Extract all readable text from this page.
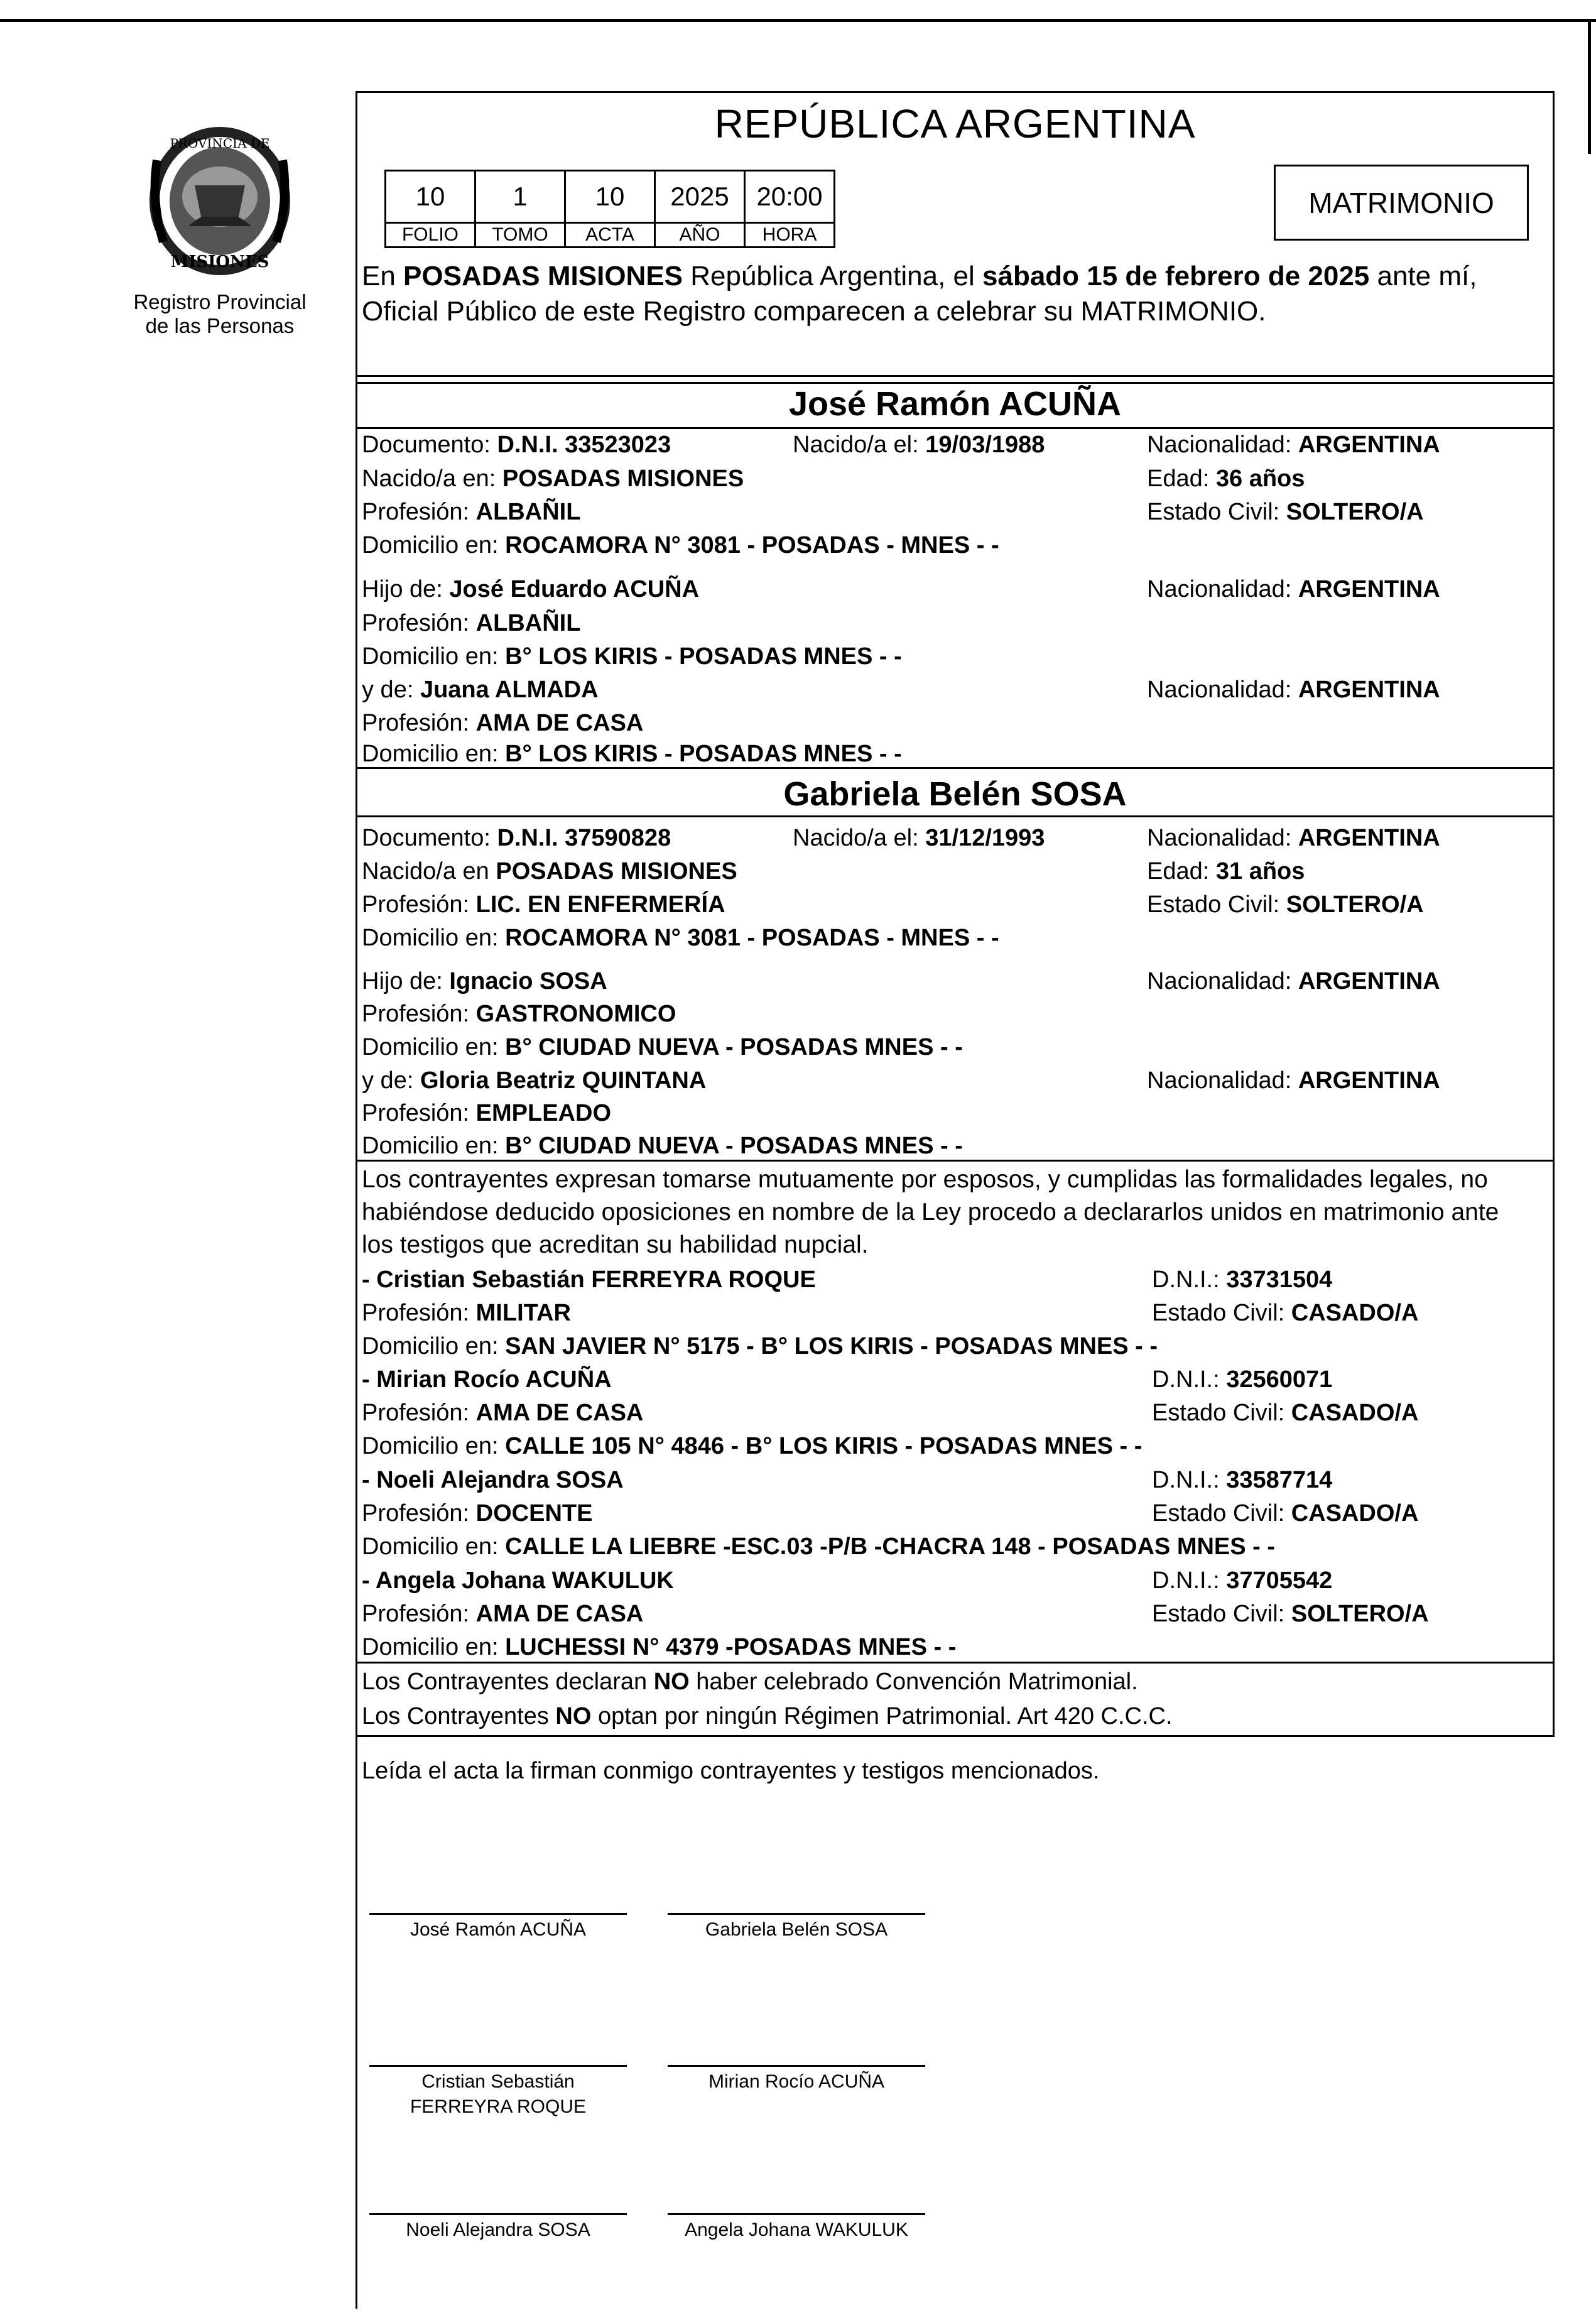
PROVINCIA DE
MISIONES
Registro Provincial
de las Personas
REPÚBLICA ARGENTINA
10	1	10	2025	20:00
FOLIO	TOMO	ACTA	AÑO	HORA
MATRIMONIO
En POSADAS MISIONES República Argentina, el sábado 15 de febrero de 2025 ante mí,
Oficial Público de este Registro comparecen a celebrar su MATRIMONIO.
José Ramón ACUÑA
Documento: D.N.I. 33523023	Nacido/a el: 19/03/1988	Nacionalidad: ARGENTINA
Nacido/a en: POSADAS MISIONES	Edad: 36 años
Profesión: ALBAÑIL	Estado Civil: SOLTERO/A
Domicilio en: ROCAMORA N° 3081 - POSADAS - MNES - -
Hijo de: José Eduardo ACUÑA	Nacionalidad: ARGENTINA
Profesión: ALBAÑIL
Domicilio en: B° LOS KIRIS - POSADAS MNES - -
y de: Juana ALMADA	Nacionalidad: ARGENTINA
Profesión: AMA DE CASA
Domicilio en: B° LOS KIRIS - POSADAS MNES - -
Gabriela Belén SOSA
Documento: D.N.I. 37590828	Nacido/a el: 31/12/1993	Nacionalidad: ARGENTINA
Nacido/a en POSADAS MISIONES	Edad: 31 años
Profesión: LIC. EN ENFERMERÍA	Estado Civil: SOLTERO/A
Domicilio en: ROCAMORA N° 3081 - POSADAS - MNES - -
Hijo de: Ignacio SOSA	Nacionalidad: ARGENTINA
Profesión: GASTRONOMICO
Domicilio en: B° CIUDAD NUEVA - POSADAS MNES - -
y de: Gloria Beatriz QUINTANA	Nacionalidad: ARGENTINA
Profesión: EMPLEADO
Domicilio en: B° CIUDAD NUEVA - POSADAS MNES - -
Los contrayentes expresan tomarse mutuamente por esposos, y cumplidas las formalidades legales, no
habiéndose deducido oposiciones en nombre de la Ley procedo a declararlos unidos en matrimonio ante
los testigos que acreditan su habilidad nupcial.
- Cristian Sebastián FERREYRA ROQUE	D.N.I.: 33731504
Profesión: MILITAR	Estado Civil: CASADO/A
Domicilio en: SAN JAVIER N° 5175 - B° LOS KIRIS - POSADAS MNES - -
- Mirian Rocío ACUÑA	D.N.I.: 32560071
Profesión: AMA DE CASA	Estado Civil: CASADO/A
Domicilio en: CALLE 105 N° 4846 - B° LOS KIRIS - POSADAS MNES - -
- Noeli Alejandra SOSA	D.N.I.: 33587714
Profesión: DOCENTE	Estado Civil: CASADO/A
Domicilio en: CALLE LA LIEBRE -ESC.03 -P/B -CHACRA 148 - POSADAS MNES - -
- Angela Johana WAKULUK	D.N.I.: 37705542
Profesión: AMA DE CASA	Estado Civil: SOLTERO/A
Domicilio en: LUCHESSI N° 4379 -POSADAS MNES - -
Los Contrayentes declaran NO haber celebrado Convención Matrimonial.
Los Contrayentes NO optan por ningún Régimen Patrimonial. Art 420 C.C.C.
Leída el acta la firman conmigo contrayentes y testigos mencionados.
José Ramón ACUÑA	Gabriela Belén SOSA
Cristian Sebastián
FERREYRA ROQUE
Mirian Rocío ACUÑA
Noeli Alejandra SOSA	Angela Johana WAKULUK
